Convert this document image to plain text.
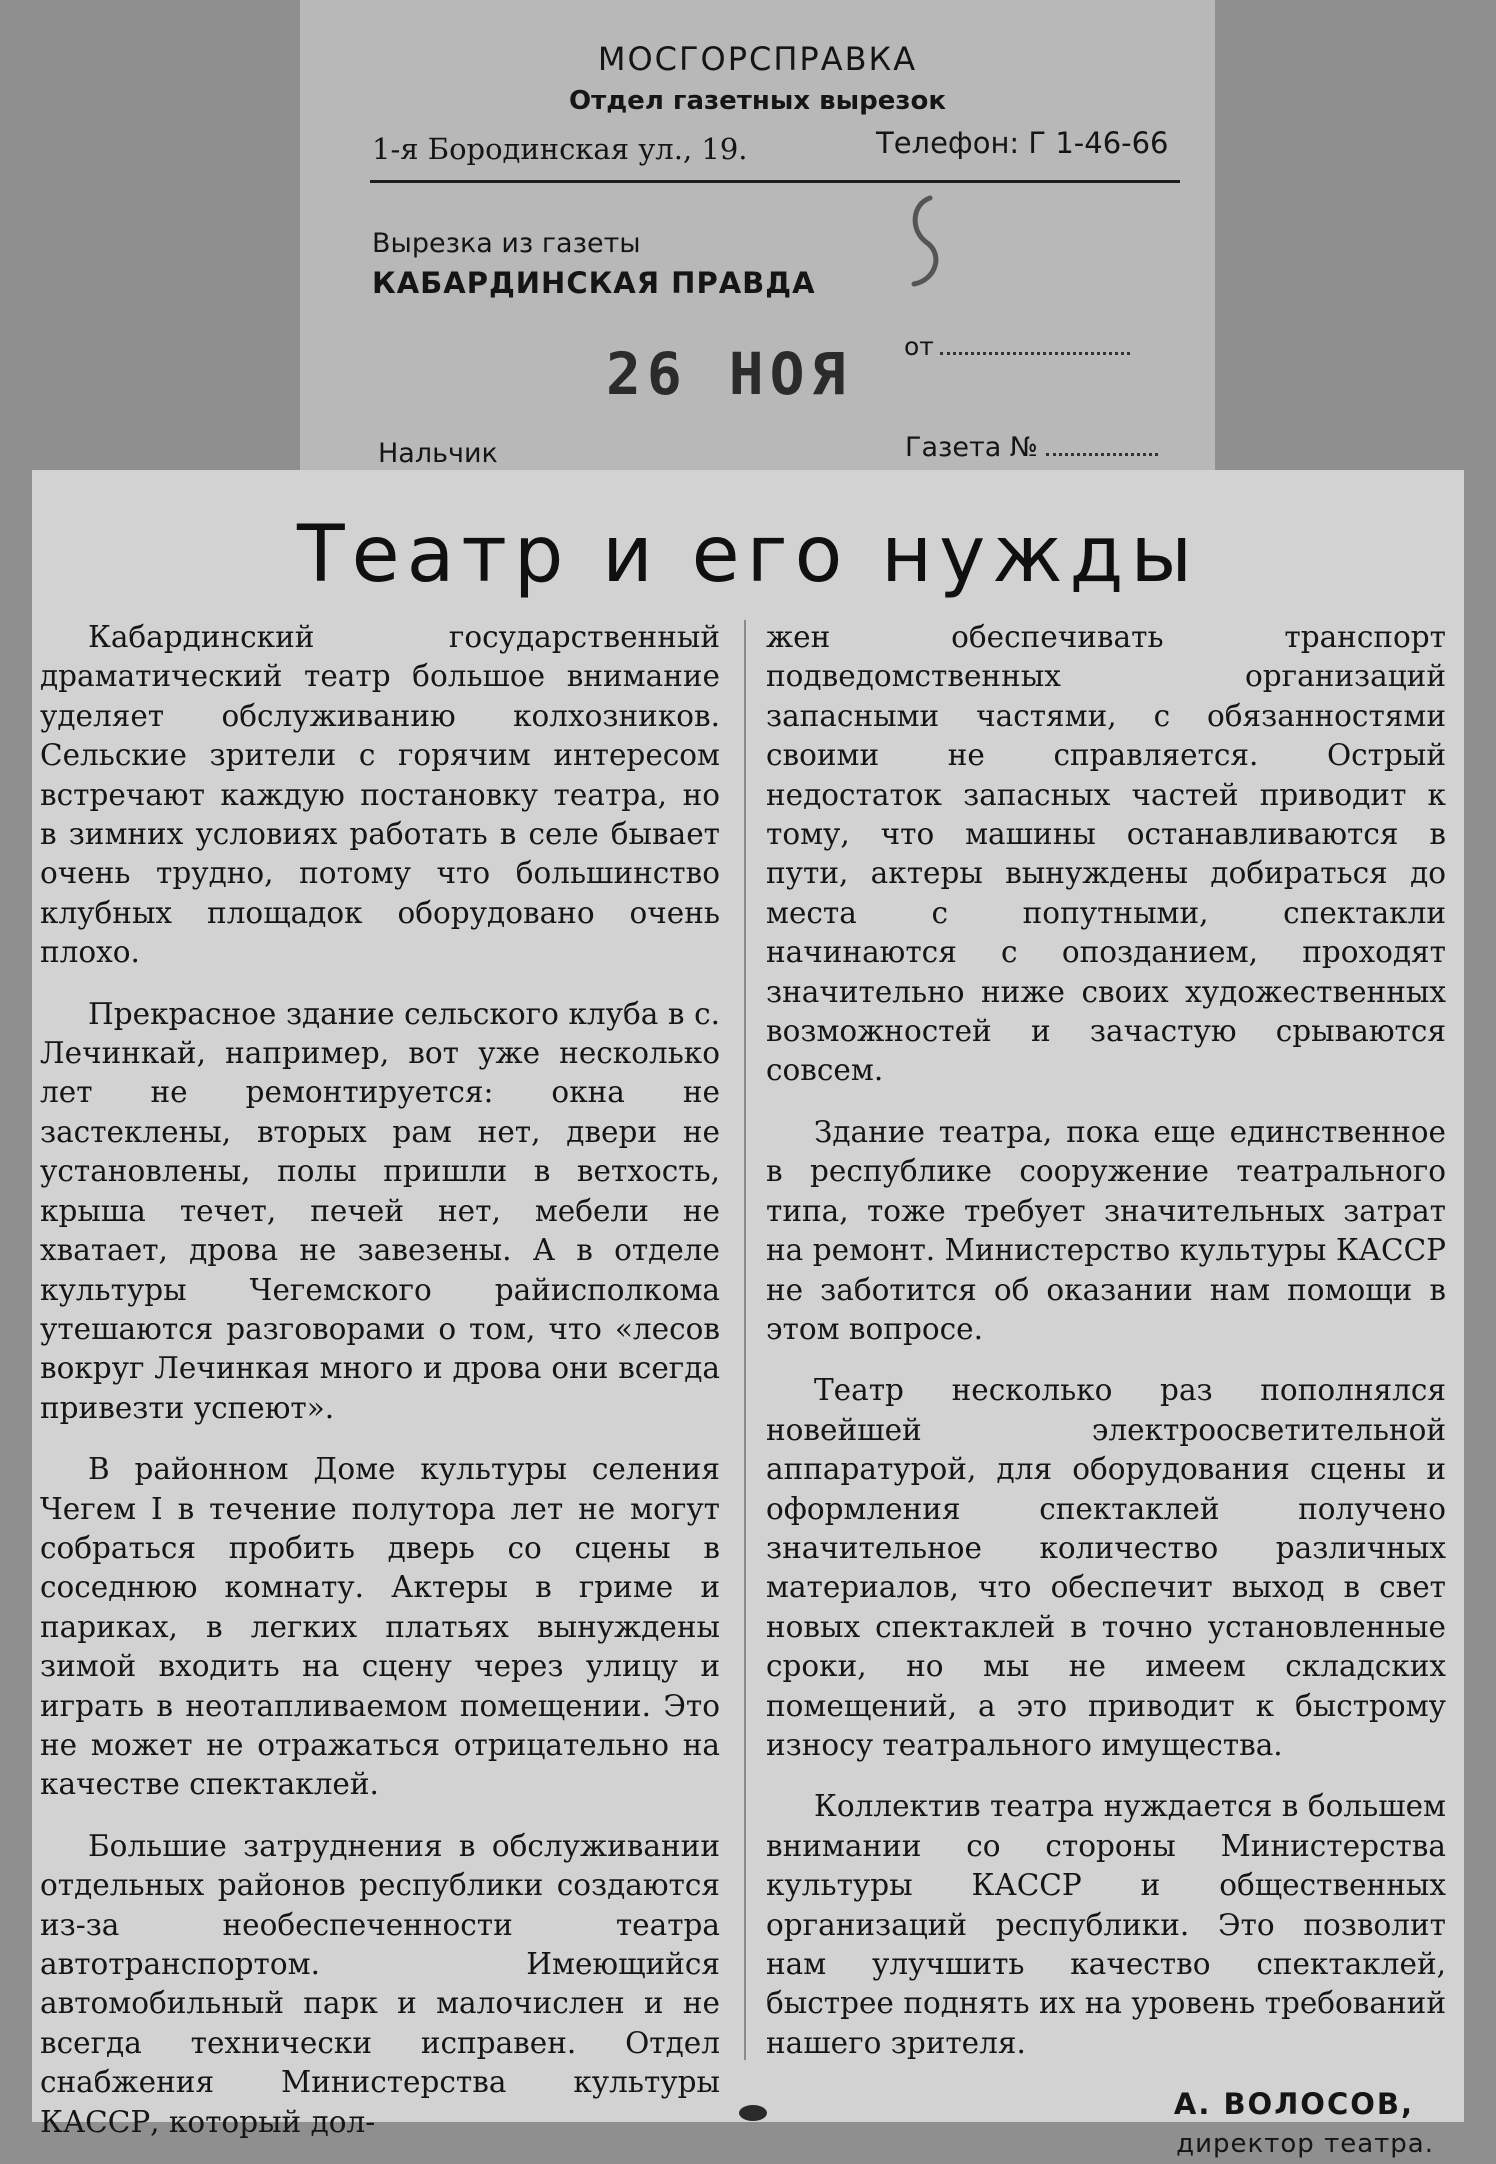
МОСГОРСПРАВКА
Отдел газетных вырезок
1-я Бородинская ул., 19.	Телефон: Г 1-46-66
Вырезка из газеты
КАБАРДИНСКАЯ ПРАВДА
26 НОЯ от
Нальчик	Газета №
Театр и его нужды

Кабардинский государственный драматический театр большое внимание уделяет обслуживанию колхозников. Сельские зрители с горячим интересом встречают каждую постановку театра, но в зимних условиях работать в селе бывает очень трудно, потому что большинство клубных площадок оборудовано очень плохо.

Прекрасное здание сельского клуба в с. Лечинкай, например, вот уже несколько лет не ремонтируется: окна не застеклены, вторых рам нет, двери не установлены, полы пришли в ветхость, крыша течет, печей нет, мебели не хватает, дрова не завезены. А в отделе культуры Чегемского райисполкома утешаются разговорами о том, что «лесов вокруг Лечинкая много и дрова они всегда привезти успеют».

В районном Доме культуры селения Чегем I в течение полутора лет не могут собраться пробить дверь со сцены в соседнюю комнату. Актеры в гриме и париках, в легких платьях вынуждены зимой входить на сцену через улицу и играть в неотапливаемом помещении. Это не может не отражаться отрицательно на качестве спектаклей.

Большие затруднения в обслуживании отдельных районов республики создаются из-за необеспеченности театра автотранспортом. Имеющийся автомобильный парк и малочислен и не всегда технически исправен. Отдел снабжения Министерства культуры КАССР, который дол-

жен обеспечивать транспорт подведомственных организаций запасными частями, с обязанностями своими не справляется. Острый недостаток запасных частей приводит к тому, что машины останавливаются в пути, актеры вынуждены добираться до места с попутными, спектакли начинаются с опозданием, проходят значительно ниже своих художественных возможностей и зачастую срываются совсем.

Здание театра, пока еще единственное в республике сооружение театрального типа, тоже требует значительных затрат на ремонт. Министерство культуры КАССР не заботится об оказании нам помощи в этом вопросе.

Театр несколько раз пополнялся новейшей электроосветительной аппаратурой, для оборудования сцены и оформления спектаклей получено значительное количество различных материалов, что обеспечит выход в свет новых спектаклей в точно установленные сроки, но мы не имеем складских помещений, а это приводит к быстрому износу театрального имущества.

Коллектив театра нуждается в большем внимании со стороны Министерства культуры КАССР и общественных организаций республики. Это позволит нам улучшить качество спектаклей, быстрее поднять их на уровень требований нашего зрителя.

А. ВОЛОСОВ,

директор театра.
